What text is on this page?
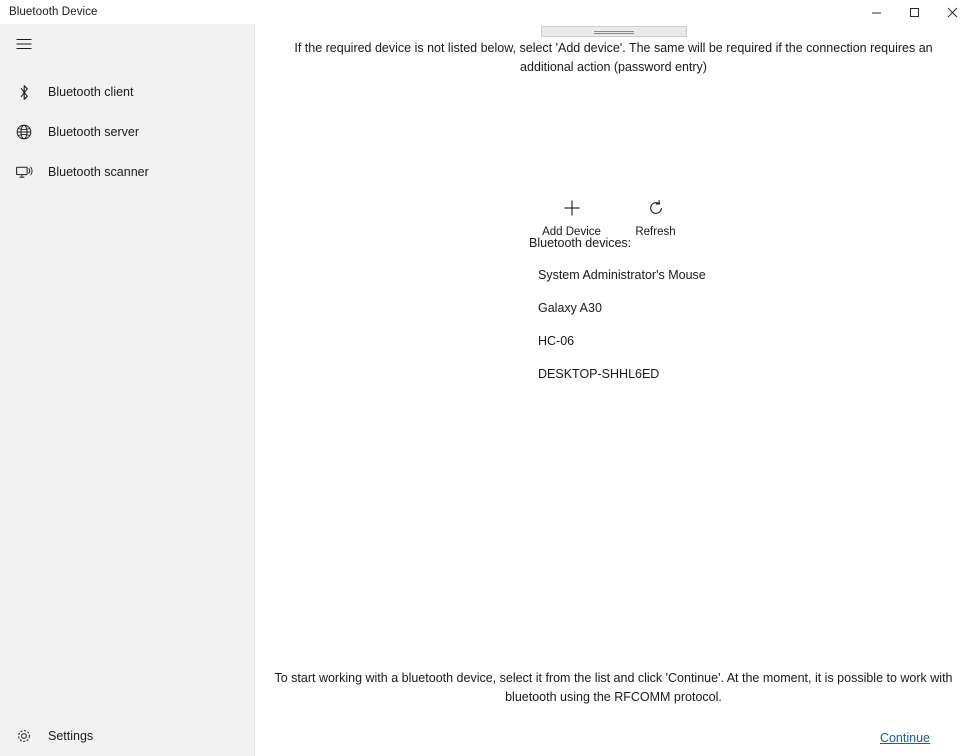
Bluetooth Device
Bluetooth client
Bluetooth server
Bluetooth scanner
Settings
If the required device is not listed below, select 'Add device'. The same will be required if the connection requires an additional action (password entry)
Add Device	Refresh
Bluetooth devices:
System Administrator's Mouse
Galaxy A30
HC-06
DESKTOP-SHHL6ED
To start working with a bluetooth device, select it from the list and click 'Continue'. At the moment, it is possible to work with bluetooth using the RFCOMM protocol.
Continue
